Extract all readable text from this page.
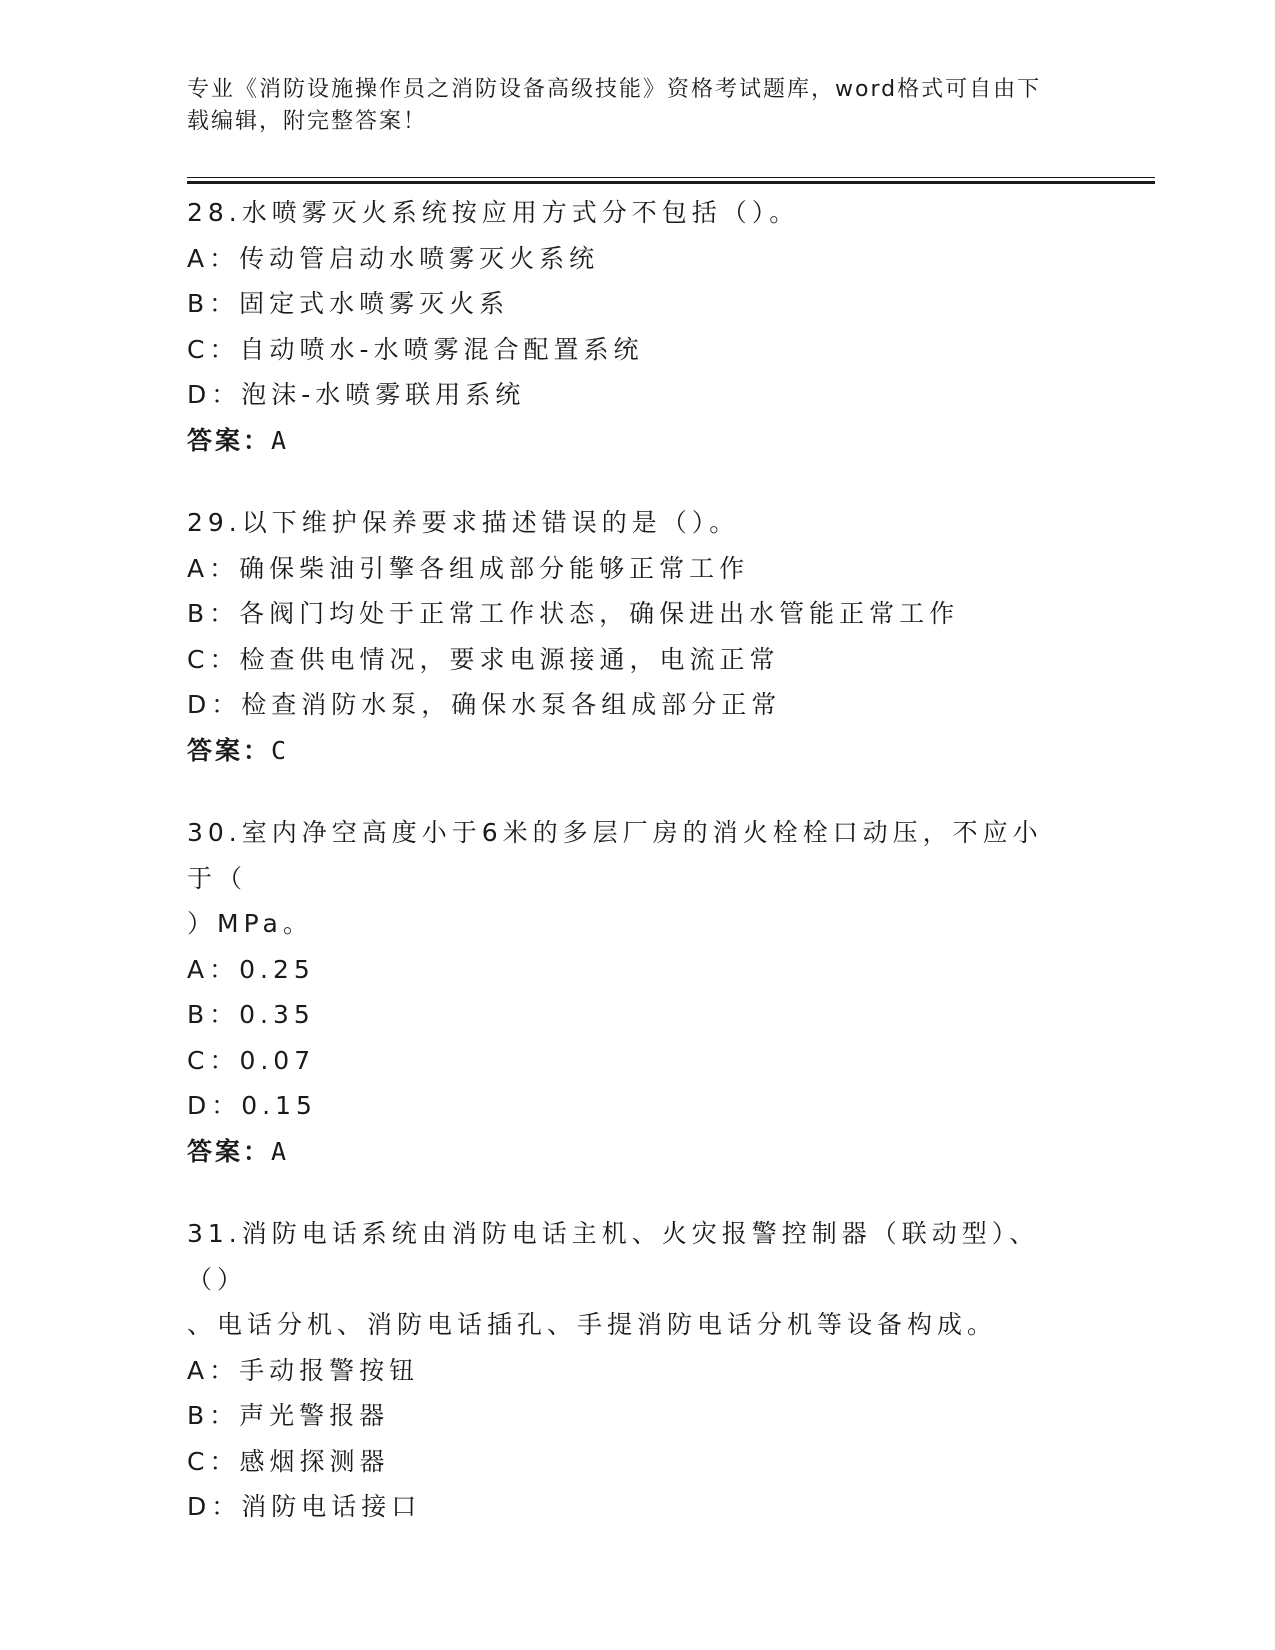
专业《消防设施操作员之消防设备高级技能》资格考试题库，word格式可自由下
载编辑，附完整答案！
28.水喷雾灭火系统按应用方式分不包括（）。
A：传动管启动水喷雾灭火系统
B：固定式水喷雾灭火系
C：自动喷水-水喷雾混合配置系统
D：泡沫-水喷雾联用系统
答案：A
29.以下维护保养要求描述错误的是（）。
A：确保柴油引擎各组成部分能够正常工作
B：各阀门均处于正常工作状态，确保进出水管能正常工作
C：检查供电情况，要求电源接通，电流正常
D：检查消防水泵，确保水泵各组成部分正常
答案：C
30.室内净空高度小于6米的多层厂房的消火栓栓口动压，不应小于（
）MPa。
A：0.25
B：0.35
C：0.07
D：0.15
答案：A
31.消防电话系统由消防电话主机、火灾报警控制器（联动型）、（）
、电话分机、消防电话插孔、手提消防电话分机等设备构成。
A：手动报警按钮
B：声光警报器
C：感烟探测器
D：消防电话接口
